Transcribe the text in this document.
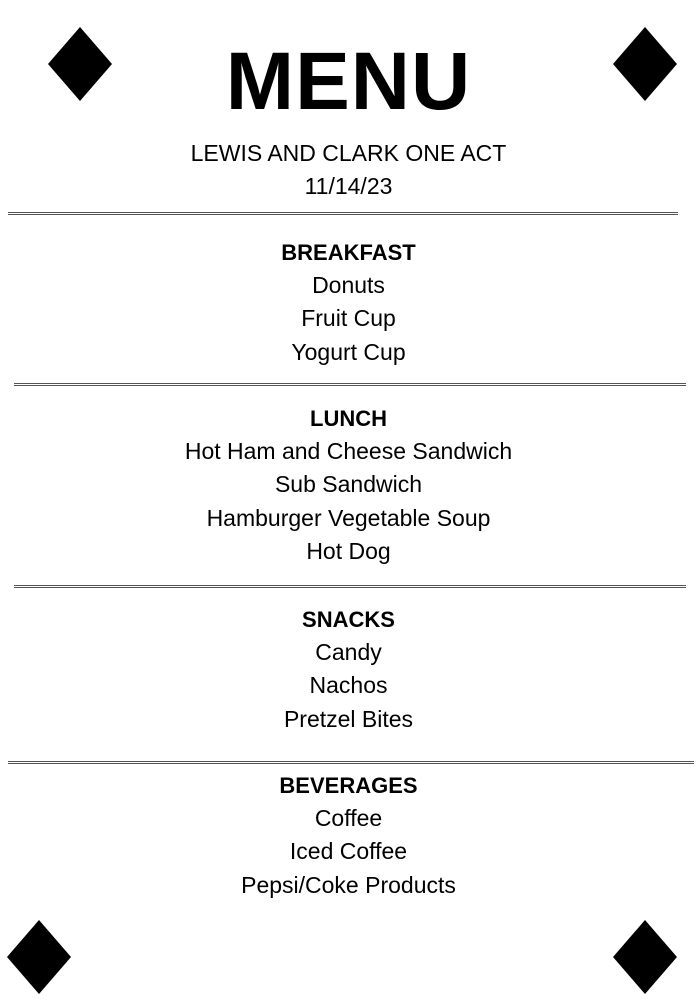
MENU
LEWIS AND CLARK ONE ACT
11/14/23
BREAKFAST
Donuts
Fruit Cup
Yogurt Cup
LUNCH
Hot Ham and Cheese Sandwich
Sub Sandwich
Hamburger Vegetable Soup
Hot Dog
SNACKS
Candy
Nachos
Pretzel Bites
BEVERAGES
Coffee
Iced Coffee
Pepsi/Coke Products
